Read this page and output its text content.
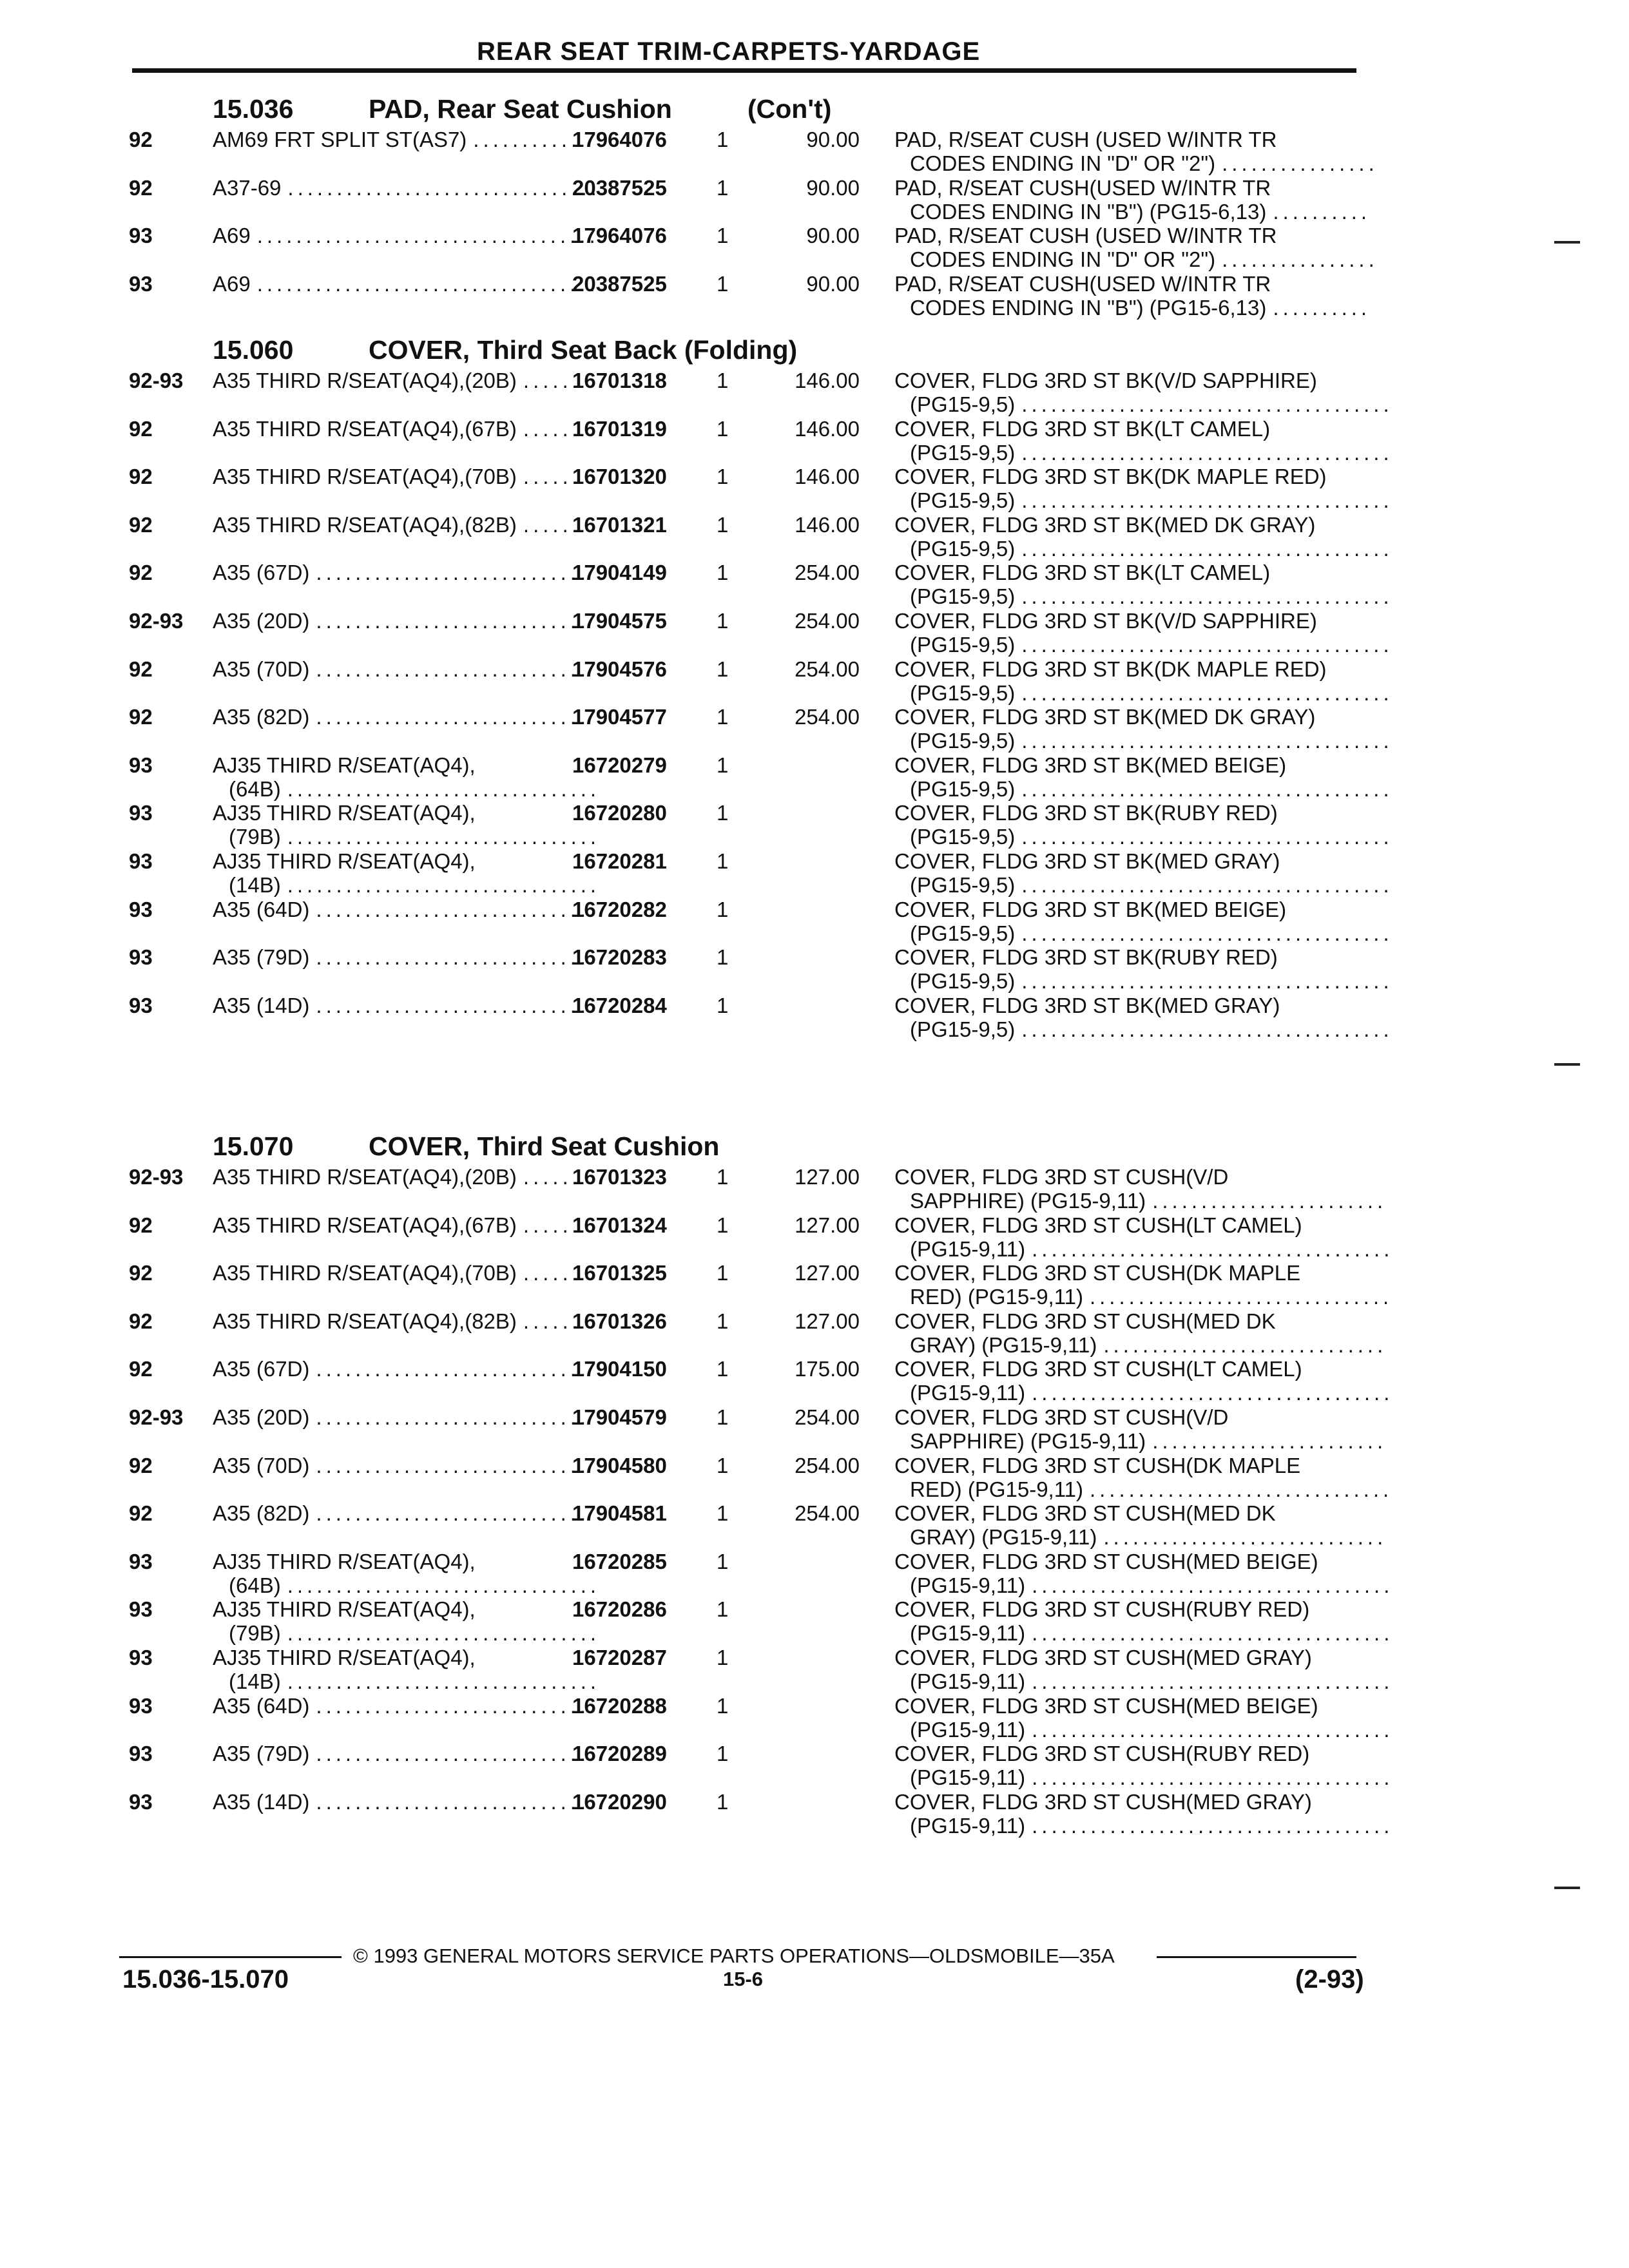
REAR SEAT TRIM-CARPETS-YARDAGE
15.036	PAD, Rear Seat Cushion	(Con't)
92	AM69 FRT SPLIT ST(AS7)	17964076 1	90.00 PAD, R/SEAT CUSH (USED W/INTR TR
CODES ENDING IN "D" OR "2")
...........
................
92	A37-69	20387525 1	90.00 PAD, R/SEAT CUSH(USED W/INTR TR
CODES ENDING IN "B") (PG15-6,13)
................................
..........
93	A69	17964076 1	90.00 PAD, R/SEAT CUSH (USED W/INTR TR
CODES ENDING IN "D" OR "2")
...................................
................
93	A69	20387525 1	90.00 PAD, R/SEAT CUSH(USED W/INTR TR
CODES ENDING IN "B") (PG15-6,13)
...................................
..........
15.060	COVER, Third Seat Back (Folding)
92-93 A35 THIRD R/SEAT(AQ4),(20B)	16701318 1	146.00 COVER, FLDG 3RD ST BK(V/D SAPPHIRE)
(PG15-9,5)
......
......................................
92	A35 THIRD R/SEAT(AQ4),(67B)	16701319 1	146.00 COVER, FLDG 3RD ST BK(LT CAMEL)
(PG15-9,5)
......
......................................
92	A35 THIRD R/SEAT(AQ4),(70B)	16701320 1	146.00 COVER, FLDG 3RD ST BK(DK MAPLE RED)
(PG15-9,5)
......
......................................
92	A35 THIRD R/SEAT(AQ4),(82B)	16701321 1	146.00 COVER, FLDG 3RD ST BK(MED DK GRAY)
(PG15-9,5)
......
......................................
92	A35 (67D)	17904149 1	254.00 COVER, FLDG 3RD ST BK(LT CAMEL)
(PG15-9,5)
............................
......................................
92-93 A35 (20D)	17904575 1	254.00 COVER, FLDG 3RD ST BK(V/D SAPPHIRE)
(PG15-9,5)
............................
......................................
92	A35 (70D)	17904576 1	254.00 COVER, FLDG 3RD ST BK(DK MAPLE RED)
(PG15-9,5)
............................
......................................
92	A35 (82D)	17904577 1	254.00 COVER, FLDG 3RD ST BK(MED DK GRAY)
(PG15-9,5)
............................
......................................
93	AJ35 THIRD R/SEAT(AQ4),
(64B)
16720279 1	COVER, FLDG 3RD ST BK(MED BEIGE)
(PG15-9,5)
................................	......................................
93	AJ35 THIRD R/SEAT(AQ4),
(79B)
16720280 1	COVER, FLDG 3RD ST BK(RUBY RED)
(PG15-9,5)
................................	......................................
93	AJ35 THIRD R/SEAT(AQ4),
(14B)
16720281 1	COVER, FLDG 3RD ST BK(MED GRAY)
(PG15-9,5)
................................	......................................
93	A35 (64D)	16720282 1	COVER, FLDG 3RD ST BK(MED BEIGE)
(PG15-9,5)
............................
......................................
93	A35 (79D)	16720283 1	COVER, FLDG 3RD ST BK(RUBY RED)
(PG15-9,5)
............................
......................................
93	A35 (14D)	16720284 1	COVER, FLDG 3RD ST BK(MED GRAY)
(PG15-9,5)
............................
......................................
15.070	COVER, Third Seat Cushion
92-93 A35 THIRD R/SEAT(AQ4),(20B)	16701323 1	127.00 COVER, FLDG 3RD ST CUSH(V/D
SAPPHIRE) (PG15-9,11)
......
........................
92	A35 THIRD R/SEAT(AQ4),(67B)	16701324 1	127.00 COVER, FLDG 3RD ST CUSH(LT CAMEL)
(PG15-9,11)
......
.....................................
92	A35 THIRD R/SEAT(AQ4),(70B)	16701325 1	127.00 COVER, FLDG 3RD ST CUSH(DK MAPLE
RED) (PG15-9,11)
......
...............................
92	A35 THIRD R/SEAT(AQ4),(82B)	16701326 1	127.00 COVER, FLDG 3RD ST CUSH(MED DK
GRAY) (PG15-9,11)
......
.............................
92	A35 (67D)	17904150 1	175.00 COVER, FLDG 3RD ST CUSH(LT CAMEL)
(PG15-9,11)
............................
.....................................
92-93 A35 (20D)	17904579 1	254.00 COVER, FLDG 3RD ST CUSH(V/D
SAPPHIRE) (PG15-9,11)
............................
........................
92	A35 (70D)	17904580 1	254.00 COVER, FLDG 3RD ST CUSH(DK MAPLE
RED) (PG15-9,11)
............................
...............................
92	A35 (82D)	17904581 1	254.00 COVER, FLDG 3RD ST CUSH(MED DK
GRAY) (PG15-9,11)
............................
.............................
93	AJ35 THIRD R/SEAT(AQ4),
(64B)
16720285 1	COVER, FLDG 3RD ST CUSH(MED BEIGE)
(PG15-9,11)
................................	.....................................
93	AJ35 THIRD R/SEAT(AQ4),
(79B)
16720286 1	COVER, FLDG 3RD ST CUSH(RUBY RED)
(PG15-9,11)
................................	.....................................
93	AJ35 THIRD R/SEAT(AQ4),
(14B)
16720287 1	COVER, FLDG 3RD ST CUSH(MED GRAY)
(PG15-9,11)
................................	.....................................
93	A35 (64D)	16720288 1	COVER, FLDG 3RD ST CUSH(MED BEIGE)
(PG15-9,11)
............................
.....................................
93	A35 (79D)	16720289 1	COVER, FLDG 3RD ST CUSH(RUBY RED)
(PG15-9,11)
............................
.....................................
93	A35 (14D)	16720290 1	COVER, FLDG 3RD ST CUSH(MED GRAY)
(PG15-9,11)
............................
.....................................
© 1993 GENERAL MOTORS SERVICE PARTS OPERATIONS—OLDSMOBILE—35A
15.036-15.070	15-6	(2-93)
